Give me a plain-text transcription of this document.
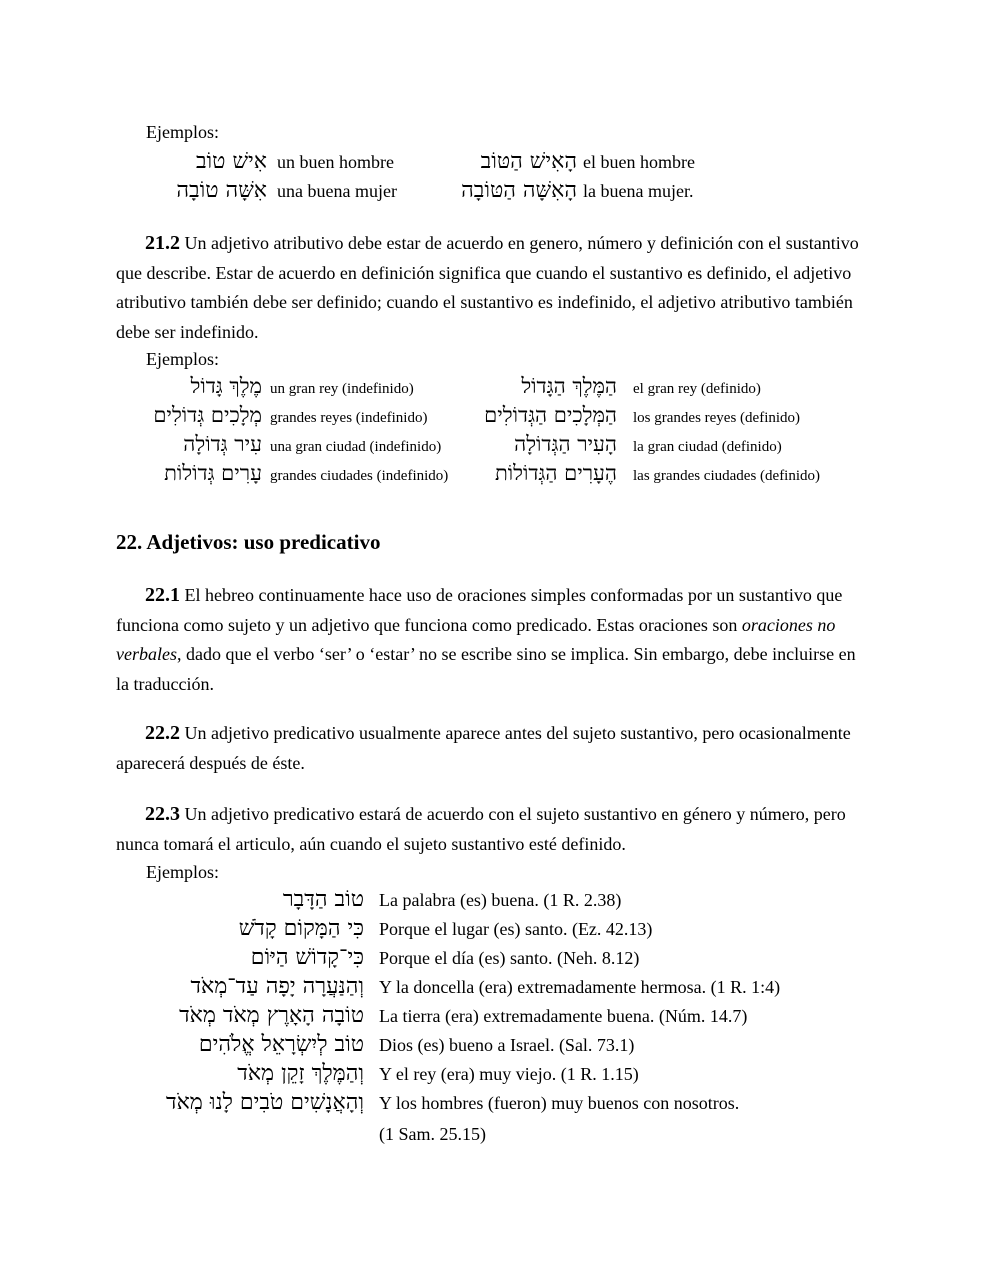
Ejemplos:
אִישׁ טוֹב un buen hombre	הָאִישׁ הַטּוֹב el buen hombre
אִשָּׁה טוֹבָה una buena mujer	הָאִשָּׁה הַטּוֹבָה la buena mujer.
21.2 Un adjetivo atributivo debe estar de acuerdo en genero, número y definición con el sustantivo que describe. Estar de acuerdo en definición significa que cuando el sustantivo es definido, el adjetivo atributivo también debe ser definido; cuando el sustantivo es indefinido, el adjetivo atributivo también debe ser indefinido.
Ejemplos:
מֶלֶךְ גָּדוֹל un gran rey (indefinido)	הַמֶּלֶךְ הַגָּדוֹל el gran rey (definido)
מְלָכִים גְּדוֹלִים grandes reyes (indefinido)	הַמְּלָכִים הַגְּדוֹלִים los grandes reyes (definido)
עִיר גְּדוֹלָה una gran ciudad (indefinido)	הָעִיר הַגְּדוֹלָה la gran ciudad (definido)
עָרִים גְּדוֹלוֹת grandes ciudades (indefinido) הֶעָרִים הַגְּדוֹלוֹת las grandes ciudades (definido)
22. Adjetivos: uso predicativo
22.1 El hebreo continuamente hace uso de oraciones simples conformadas por un sustantivo que funciona como sujeto y un adjetivo que funciona como predicado. Estas oraciones son oraciones no verbales, dado que el verbo ‘ser’ o ‘estar’ no se escribe sino se implica. Sin embargo, debe incluirse en la traducción.
22.2 Un adjetivo predicativo usualmente aparece antes del sujeto sustantivo, pero ocasionalmente aparecerá después de éste.
22.3 Un adjetivo predicativo estará de acuerdo con el sujeto sustantivo en género y número, pero nunca tomará el articulo, aún cuando el sujeto sustantivo esté definido.
Ejemplos:
טוֹב הַדָּבָר La palabra (es) buena. (1 R. 2.38)
כִּי הַמָּקוֹם קָדֹשׁ Porque el lugar (es) santo. (Ez. 42.13)
כִּי־קָדוֹשׁ הַיּוֹם Porque el día (es) santo. (Neh. 8.12)
וְהַנַּעֲרָה יָפָה עַד־מְאֹד Y la doncella (era) extremadamente hermosa. (1 R. 1:4)
טוֹבָה הָאָרֶץ מְאֹד מְאֹד La tierra (era) extremadamente buena. (Núm. 14.7)
טוֹב לְיִשְׂרָאֵל אֱלֹהִים Dios (es) bueno a Israel. (Sal. 73.1)
וְהַמֶּלֶךְ זָקֵן מְאֹד Y el rey (era) muy viejo. (1 R. 1.15)
וְהָאֲנָשִׁים טֹבִים לָנוּ מְאֹד Y los hombres (fueron) muy buenos con nosotros.
(1 Sam. 25.15)
